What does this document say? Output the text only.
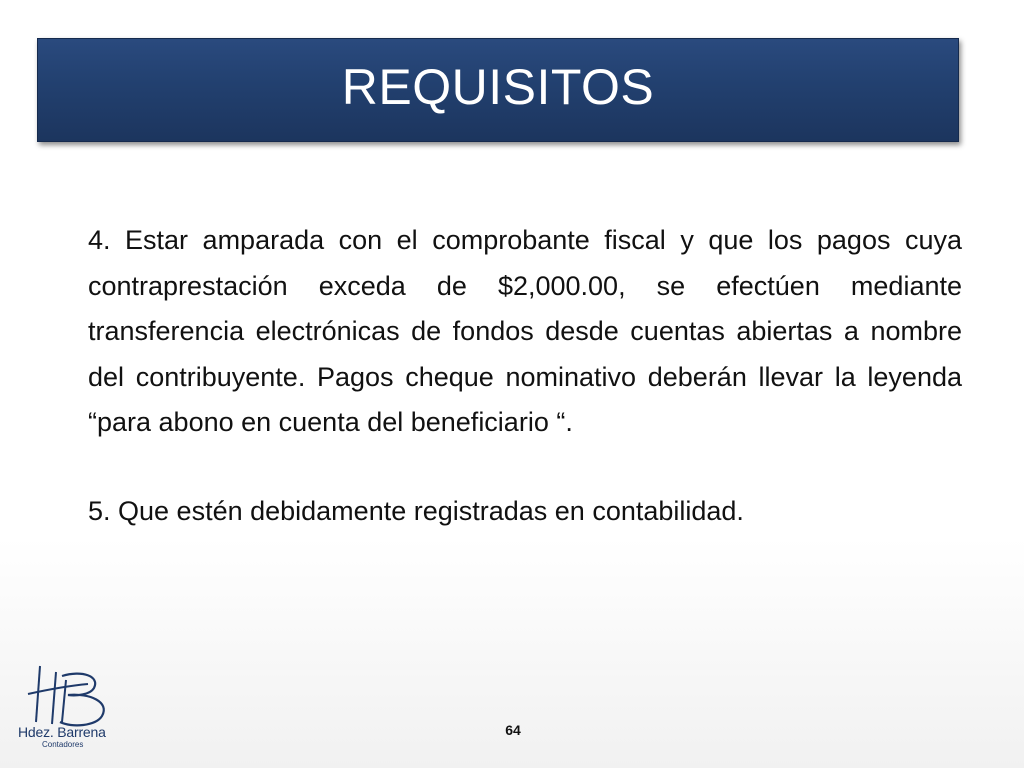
REQUISITOS

4. Estar amparada con el comprobante fiscal y que los pagos cuya contraprestación exceda de $2,000.00, se efectúen mediante transferencia electrónicas de fondos desde cuentas abiertas a nombre del contribuyente. Pagos cheque nominativo deberán llevar la leyenda “para abono en cuenta del beneficiario “.

5. Que estén debidamente registradas en contabilidad.

Hdez. Barrena
Contadores
64
